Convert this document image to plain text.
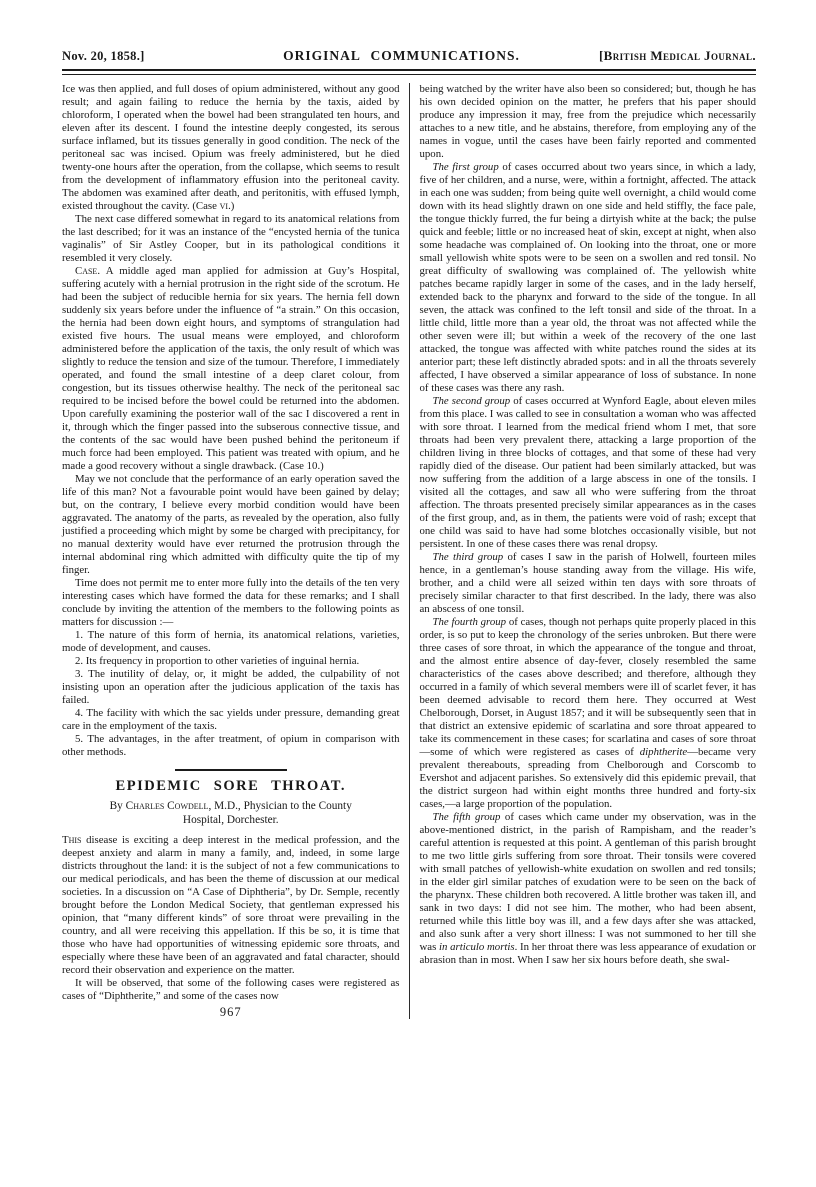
Nov. 20, 1858.]	ORIGINAL COMMUNICATIONS.	[British Medical Journal.

Ice was then applied, and full doses of opium administered, without any good result; and again failing to reduce the hernia by the taxis, aided by chloroform, I operated when the bowel had been strangulated ten hours, and eleven after its descent. I found the intestine deeply congested, its serous surface inflamed, but its tissues generally in good condition. The neck of the peritoneal sac was incised. Opium was freely administered, but he died twenty-one hours after the operation, from the collapse, which seems to result from the development of inflammatory effusion into the peritoneal cavity. The abdomen was examined after death, and peritonitis, with effused lymph, existed throughout the cavity. (Case vi.)

The next case differed somewhat in regard to its anatomical relations from the last described; for it was an instance of the “encysted hernia of the tunica vaginalis” of Sir Astley Cooper, but in its pathological conditions it resembled it very closely.

Case. A middle aged man applied for admission at Guy’s Hospital, suffering acutely with a hernial protrusion in the right side of the scrotum. He had been the subject of reducible hernia for six years. The hernia fell down suddenly six years before under the influence of “a strain.” On this occasion, the hernia had been down eight hours, and symptoms of strangulation had existed five hours. The usual means were employed, and chloroform administered before the application of the taxis, the only result of which was slightly to reduce the tension and size of the tumour. Therefore, I immediately operated, and found the small intestine of a deep claret colour, from congestion, but its tissues otherwise healthy. The neck of the peritoneal sac required to be incised before the bowel could be returned into the abdomen. Upon carefully examining the posterior wall of the sac I discovered a rent in it, through which the finger passed into the subserous connective tissue, and the contents of the sac would have been pushed behind the peritoneum if much force had been employed. This patient was treated with opium, and he made a good recovery without a single drawback. (Case 10.)

May we not conclude that the performance of an early operation saved the life of this man? Not a favourable point would have been gained by delay; but, on the contrary, I believe every morbid condition would have been aggravated. The anatomy of the parts, as revealed by the operation, also fully justified a proceeding which might by some be charged with precipitancy, for no manual dexterity would have ever returned the protrusion through the internal abdominal ring which admitted with difficulty quite the tip of my finger.

Time does not permit me to enter more fully into the details of the ten very interesting cases which have formed the data for these remarks; and I shall conclude by inviting the attention of the members to the following points as matters for discussion :—

1. The nature of this form of hernia, its anatomical relations, varieties, mode of development, and causes.

2. Its frequency in proportion to other varieties of inguinal hernia.

3. The inutility of delay, or, it might be added, the culpability of not insisting upon an operation after the judicious application of the taxis has failed.

4. The facility with which the sac yields under pressure, demanding great care in the employment of the taxis.

5. The advantages, in the after treatment, of opium in comparison with other methods.

EPIDEMIC SORE THROAT.
By Charles Cowdell, M.D., Physician to the County
Hospital, Dorchester.

This disease is exciting a deep interest in the medical profession, and the deepest anxiety and alarm in many a family, and, indeed, in some large districts throughout the land: it is the subject of not a few communications to our medical periodicals, and has been the theme of discussion at our medical societies. In a discussion on “A Case of Diphtheria”, by Dr. Semple, recently brought before the London Medical Society, that gentleman expressed his opinion, that “many different kinds” of sore throat were prevailing in the country, and all were receiving this appellation. If this be so, it is time that those who have had opportunities of witnessing epidemic sore throats, and especially where these have been of an aggravated and fatal character, should record their observation and experience on the matter.

It will be observed, that some of the following cases were registered as cases of “Diphtherite,” and some of the cases now

967

being watched by the writer have also been so considered; but, though he has his own decided opinion on the matter, he prefers that his paper should produce any impression it may, free from the prejudice which necessarily attaches to a new title, and he abstains, therefore, from employing any of the names in vogue, until the cases have been fairly reported and commented upon.

The first group of cases occurred about two years since, in which a lady, five of her children, and a nurse, were, within a fortnight, affected. The attack in each one was sudden; from being quite well overnight, a child would come down with its head slightly drawn on one side and held stiffly, the face pale, the tongue thickly furred, the fur being a dirtyish white at the back; the pulse quick and feeble; little or no increased heat of skin, except at night, when also some headache was complained of. On looking into the throat, one or more small yellowish white spots were to be seen on a swollen and red tonsil. No great difficulty of swallowing was complained of. The yellowish white patches became rapidly larger in some of the cases, and in the lady herself, extended back to the pharynx and forward to the side of the tongue. In all seven, the attack was confined to the left tonsil and side of the throat. In a little child, little more than a year old, the throat was not affected while the other seven were ill; but within a week of the recovery of the one last attacked, the tongue was affected with white patches round the sides at its anterior part; these left distinctly abraded spots: and in all the throats severely affected, I have observed a similar appearance of loss of substance. In none of these cases was there any rash.

The second group of cases occurred at Wynford Eagle, about eleven miles from this place. I was called to see in consultation a woman who was affected with sore throat. I learned from the medical friend whom I met, that sore throats had been very prevalent there, attacking a large proportion of the children living in three blocks of cottages, and that some of these had very rapidly died of the disease. Our patient had been similarly attacked, but was now suffering from the addition of a large abscess in one of the tonsils. I visited all the cottages, and saw all who were suffering from the throat affection. The throats presented precisely similar appearances as in the cases of the first group, and, as in them, the patients were void of rash; except that one child was said to have had some blotches occasionally visible, but not persistent. In one of these cases there was renal dropsy.

The third group of cases I saw in the parish of Holwell, fourteen miles hence, in a gentleman’s house standing away from the village. His wife, brother, and a child were all seized within ten days with sore throats of precisely similar character to that first described. In the lady, there was also an abscess of one tonsil.

The fourth group of cases, though not perhaps quite properly placed in this order, is so put to keep the chronology of the series unbroken. But there were three cases of sore throat, in which the appearance of the tongue and throat, and the almost entire absence of day-fever, closely resembled the same characteristics of the cases above described; and therefore, although they occurred in a family of which several members were ill of scarlet fever, it has been deemed advisable to record them here. They occurred at West Chelborough, Dorset, in August 1857; and it will be subsequently seen that in that district an extensive epidemic of scarlatina and sore throat appeared to take its commencement in these cases; for scarlatina and cases of sore throat—some of which were registered as cases of diphtherite—became very prevalent thereabouts, spreading from Chelborough and Corscomb to Evershot and adjacent parishes. So extensively did this epidemic prevail, that the district surgeon had within eight months three hundred and forty-six cases,—a large proportion of the population.

The fifth group of cases which came under my observation, was in the above-mentioned district, in the parish of Rampisham, and the reader’s careful attention is requested at this point. A gentleman of this parish brought to me two little girls suffering from sore throat. Their tonsils were covered with small patches of yellowish-white exudation on swollen and red tonsils; in the elder girl similar patches of exudation were to be seen on the back of the pharynx. These children both recovered. A little brother was taken ill, and sank in two days: I did not see him. The mother, who had been absent, returned while this little boy was ill, and a few days after she was attacked, and also sunk after a very short illness: I was not summoned to her till she was in articulo mortis. In her throat there was less appearance of exudation or abrasion than in most. When I saw her six hours before death, she swal-
